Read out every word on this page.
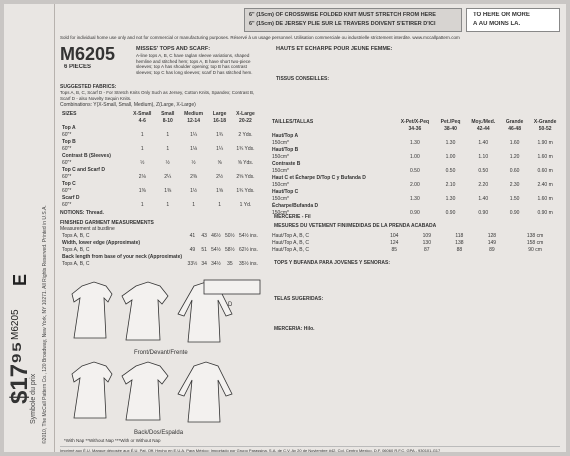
$17⁹⁵
M6205
E
Symbole du prix ©2010, The McCall Pattern Co., 120 Broadway, New York, NY 10271. All Rights Reserved. Printed in U.S.A.
6" (15cm) OF CROSSWISE FOLDED KNIT MUST STRETCH FROM HERE
6" (15cm) DE JERSEY PLIÉ SUR LE TRAVERS DOIVENT S'ÉTIRER D'ICI
TO HERE OR MORE
À AU MOINS LÀ.
Sold for individual home use only and not for commercial or manufacturing purposes. Réservé à un usage personnel. Utilisation commerciale ou industrielle strictement interdite. www.mccallpattern.com
M6205
6 PIECES
MISSES' TOPS AND SCARF:
A-line tops A, B, C have raglan sleeve variations, shaped hemline and stitched hem; tops A, B have short two-piece sleeves; top A has shoulder opening; top B has contrast sleeves; top C has long sleeves; scarf D has stitched hem.
SUGGESTED FABRICS:
Tops A, B, C, Scarf D - For Stretch Knits Only Such as Jersey, Cotton Knits, Spandex; Contrast B, Scarf D - also Novelty Sequin Knits.
Combinations: Y(X-Small, Small, Medium), Z(Large, X-Large)
SIZES	X-Small	Small	Medium	Large	X-Large
	4-6	8-10	12-14	16-18	20-22
Top A					
60"*	1	1	1¼	1¾	2 Yds.
Top B					
60"*	1	1	1⅛	1¼	1¾ Yds.
Contrast B (Sleeves)					
60"*	½	½	½	⅝	⅝ Yds.
Top C and Scarf D					
60"*	2⅛	2¼	2⅜	2½	2⅝ Yds.
Top C					
60"*	1⅜	1⅜	1½	1⅝	1¾ Yds.
Scarf D					
60"*	1	1	1	1	1 Yd.
NOTIONS: Thread.
FINISHED GARMENT MEASUREMENTS
Measurement at bustline
Tops A, B, C	41	43	46½	50½	54½ ins.
Width, lower edge (Approximate)					
Tops A, B, C	49	51	54½	58½	62½ ins.
Back length from base of your neck (Approximate)					
Tops A, B, C	33½	34	34½	35	35½ ins.
Front/Devant/Frente
Back/Dos/Espalda
D
*With Nap **Without Nap ***With or Without Nap
HAUTS ET ÉCHARPE POUR JEUNE FEMME:
TISSUS CONSEILLÉS:
TAILLES/TALLAS	X-Pet/X-Peq	Pet./Peq	Moy./Med.	Grande	X-Grande
	34-36	38-40	42-44	46-48	50-52
Haut/Top A					
150cm*	1.30	1.30	1.40	1.60	1.90 m
Haut/Top B					
150cm*	1.00	1.00	1.10	1.20	1.60 m
Contraste B					
150cm*	0.50	0.50	0.50	0.60	0.60 m
Haut C et Écharpe D/Top C y Bufanda D					
150cm*	2.00	2.10	2.20	2.30	2.40 m
Haut/Top C					
150cm*	1.30	1.30	1.40	1.50	1.60 m
Écharpe/Bufanda D					
150cm*	0.90	0.90	0.90	0.90	0.90 m
MERCERIE - Fil
MESURES DU VÊTEMENT FINI/MEDIDAS DE LA PRENDA ACABADA
Haut/Top A, B, C	104	109	118	128	138 cm
Haut/Top A, B, C	124	130	138	149	158 cm
Haut/Top A, B, C	85	87	88	89	90 cm
TOPS Y BUFANDA PARA JÓVENES Y SEÑORAS:
TELAS SUGERIDAS:
MERCERIA: Hilo.
Imprimé aux É.U. Marque déposée aux É.U. Pat. Off. Hecho en E.U.A. Para México: Importado por Grupo Parassina, S.A. de C.V. Av 20 de Noviembre #42, Col. Centro Mexico, D.F. 06060 R.F.C. GPA - 930101-G17
